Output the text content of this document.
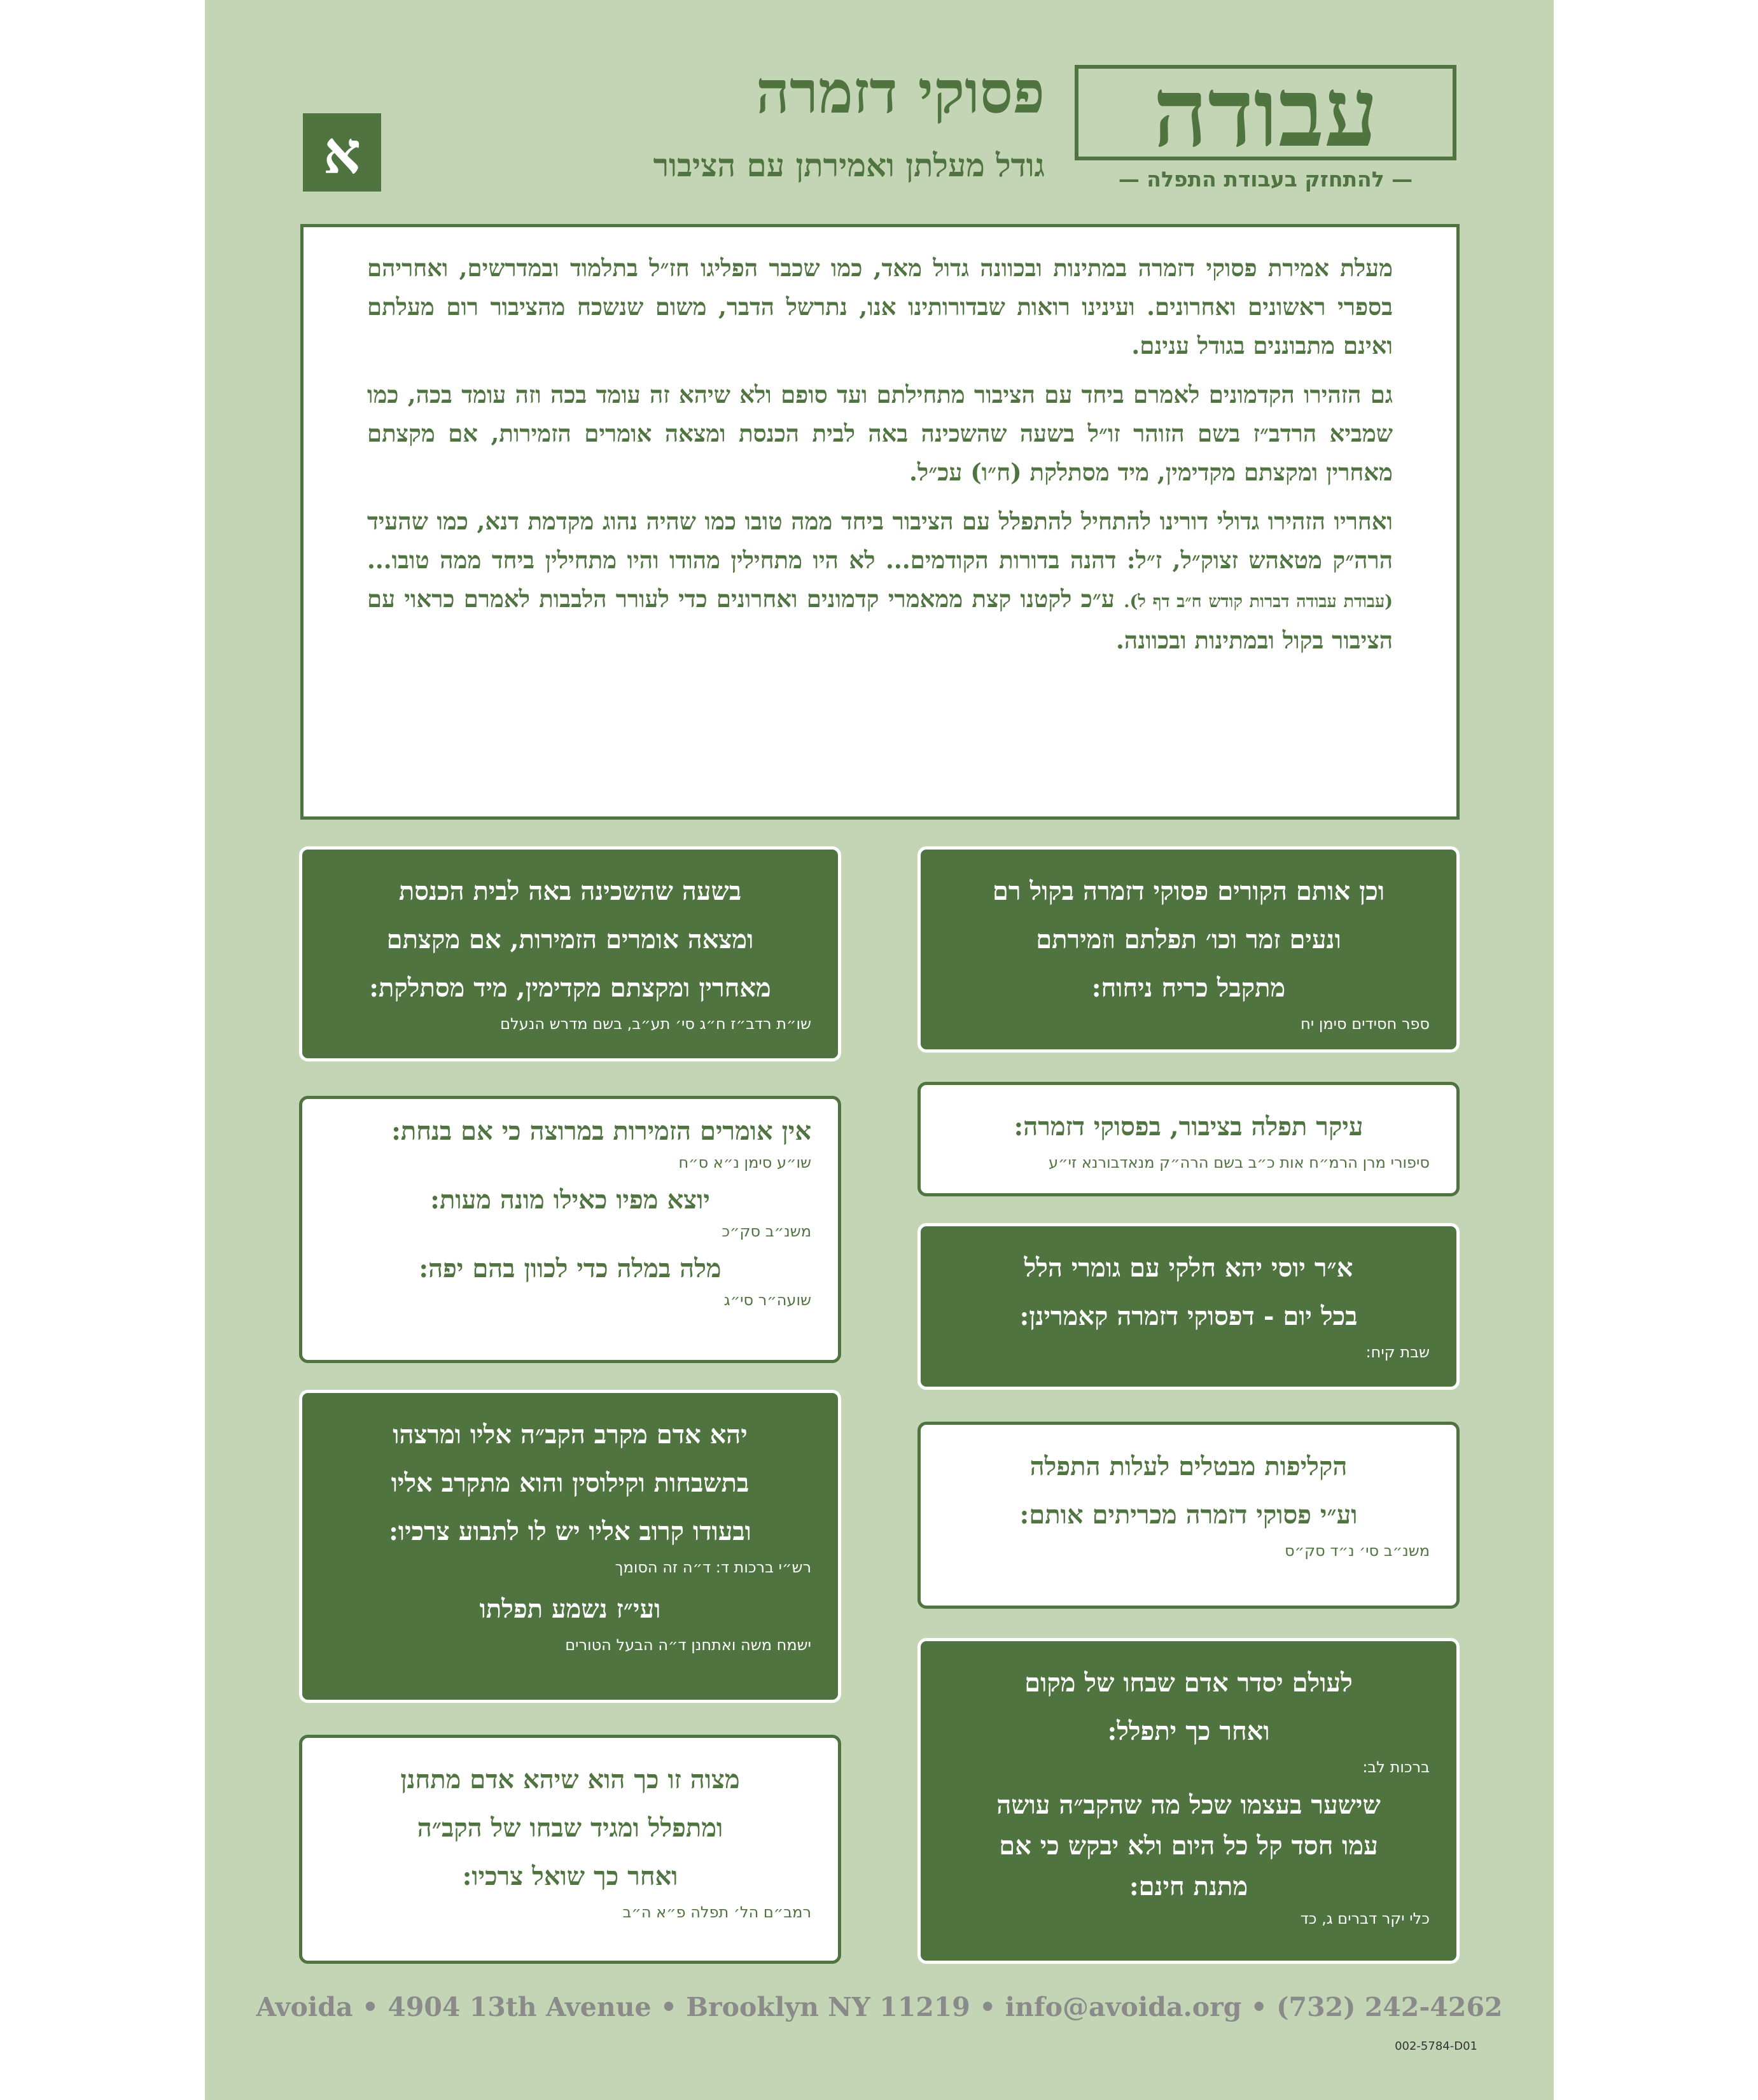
עבודה
— להתחזק בעבודת התפלה —
א
פסוקי דזמרה
גודל מעלתן ואמירתן עם הציבור

מעלת אמירת פסוקי דזמרה במתינות ובכוונה גדול מאד, כמו שכבר הפליגו חז״ל בתלמוד ובמדרשים, ואחריהם בספרי ראשונים ואחרונים. ועינינו רואות שבדורותינו אנו, נתרשל הדבר, משום שנשכח מהציבור רום מעלתם ואינם מתבוננים בגודל ענינם.

גם הזהירו הקדמונים לאמרם ביחד עם הציבור מתחילתם ועד סופם ולא שיהא זה עומד בכה וזה עומד בכה, כמו שמביא הרדב״ז בשם הזוהר זו״ל בשעה שהשכינה באה לבית הכנסת ומצאה אומרים הזמירות, אם מקצתם מאחרין ומקצתם מקדימין, מיד מסתלקת (ח״ו) עכ״ל.

ואחריו הזהירו גדולי דורינו להתחיל להתפלל עם הציבור ביחד ממה טובו כמו שהיה נהוג מקדמת דנא, כמו שהעיד הרה״ק מטאהש זצוק״ל, ז״ל: דהנה בדורות הקודמים... לא היו מתחילין מהודו והיו מתחילין ביחד ממה טובו... (עבודת עבודה דברות קודש ח״ב דף ל). ע״כ לקטנו קצת ממאמרי קדמונים ואחרונים כדי לעורר הלבבות לאמרם כראוי עם הציבור בקול ובמתינות ובכוונה.

וכן אותם הקורים פסוקי דזמרה בקול רם
ונעים זמר וכו׳ תפלתם וזמירתם
מתקבל כריח ניחוח:
ספר חסידים סימן יח
עיקר תפלה בציבור, בפסוקי דזמרה:
סיפורי מרן הרמ״ח אות כ״ב בשם הרה״ק מנאדבורנא זי״ע
א״ר יוסי יהא חלקי עם גומרי הלל
בכל יום - דפסוקי דזמרה קאמרינן:
שבת קיח:
הקליפות מבטלים לעלות התפלה
וע״י פסוקי דזמרה מכריתים אותם:
משנ״ב סי׳ נ״ד סק״ס
לעולם יסדר אדם שבחו של מקום
ואחר כך יתפלל:
ברכות לב:
שישער בעצמו שכל מה שהקב״ה עושה
עמו חסד קל כל היום ולא יבקש כי אם
מתנת חינם:
כלי יקר דברים ג, כד
בשעה שהשכינה באה לבית הכנסת
ומצאה אומרים הזמירות, אם מקצתם
מאחרין ומקצתם מקדימין, מיד מסתלקת:
שו״ת רדב״ז ח״ג סי׳ תע״ב, בשם מדרש הנעלם
אין אומרים הזמירות במרוצה כי אם בנחת:
שו״ע סימן נ״א ס״ח
יוצא מפיו כאילו מונה מעות:
משנ״ב סק״כ
מלה במלה כדי לכוון בהם יפה:
שועה״ר סי״ג
יהא אדם מקרב הקב״ה אליו ומרצהו
בתשבחות וקילוסין והוא מתקרב אליו
ובעודו קרוב אליו יש לו לתבוע צרכיו:
רש״י ברכות ד: ד״ה זה הסומך
ועי״ז נשמע תפלתו
ישמח משה ואתחנן ד״ה הבעל הטורים
מצוה זו כך הוא שיהא אדם מתחנן
ומתפלל ומגיד שבחו של הקב״ה
ואחר כך שואל צרכיו:
רמב״ם הל׳ תפלה פ״א ה״ב
Avoida • 4904 13th Avenue • Brooklyn NY 11219 • info@avoida.org • (732) 242-4262
002-5784-D01
